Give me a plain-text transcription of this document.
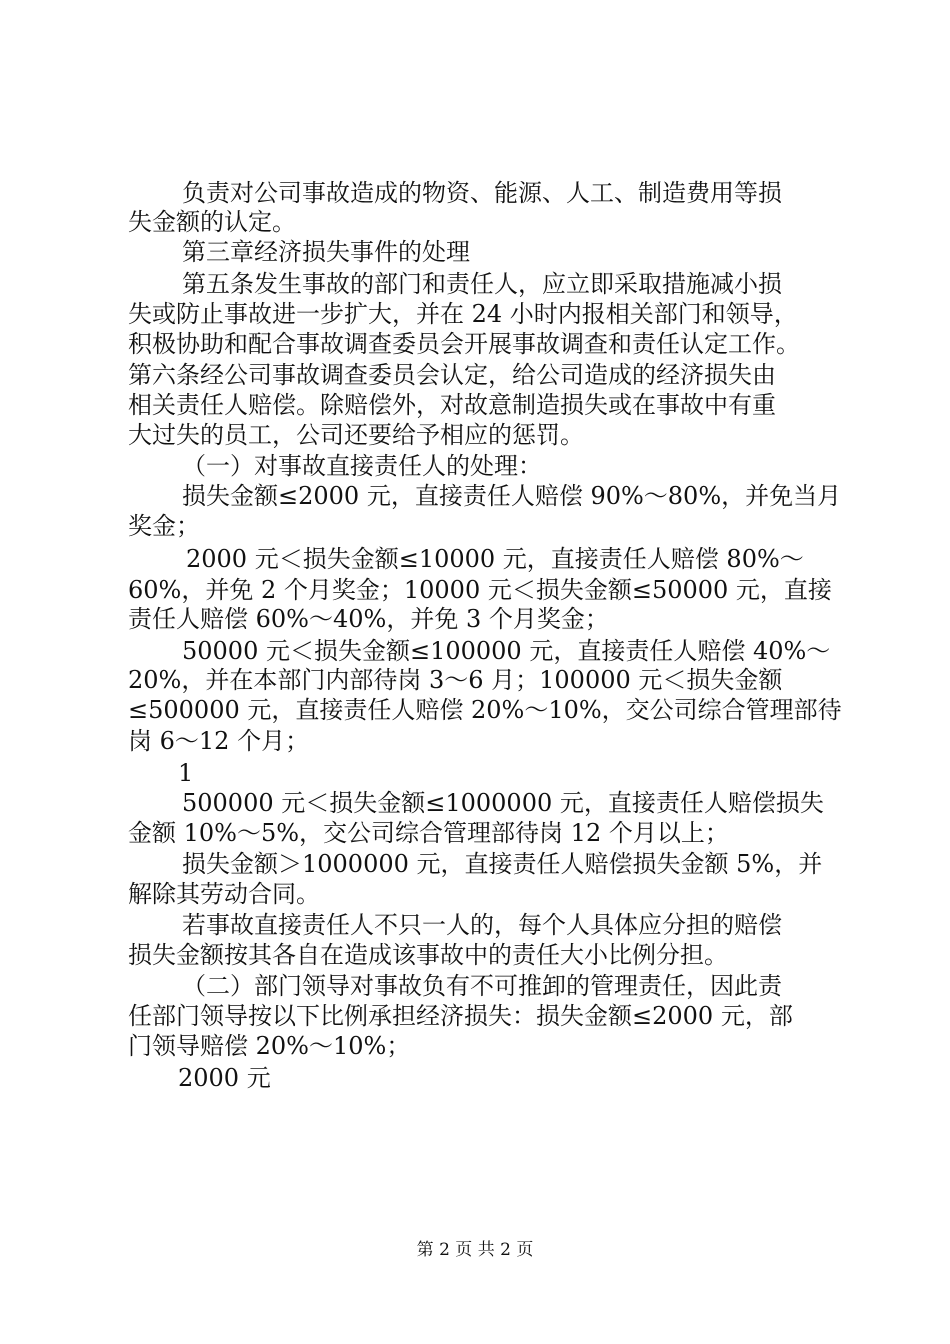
负责对公司事故造成的物资、能源、人工、制造费用等损
失金额的认定。
第三章经济损失事件的处理
第五条发生事故的部门和责任人，应立即采取措施减小损
失或防止事故进一步扩大，并在 24 小时内报相关部门和领导，
积极协助和配合事故调查委员会开展事故调查和责任认定工作。
第六条经公司事故调查委员会认定，给公司造成的经济损失由
相关责任人赔偿。除赔偿外，对故意制造损失或在事故中有重
大过失的员工，公司还要给予相应的惩罚。
（一）对事故直接责任人的处理：
损失金额≤2000 元，直接责任人赔偿 90%～80%，并免当月
奖金；
2000 元＜损失金额≤10000 元，直接责任人赔偿 80%～
60%，并免 2 个月奖金；10000 元＜损失金额≤50000 元，直接
责任人赔偿 60%～40%，并免 3 个月奖金；
50000 元＜损失金额≤100000 元，直接责任人赔偿 40%～
20%，并在本部门内部待岗 3～6 月；100000 元＜损失金额
≤500000 元，直接责任人赔偿 20%～10%，交公司综合管理部待
岗 6～12 个月；
1
500000 元＜损失金额≤1000000 元，直接责任人赔偿损失
金额 10%～5%，交公司综合管理部待岗 12 个月以上；
损失金额＞1000000 元，直接责任人赔偿损失金额 5%，并
解除其劳动合同。
若事故直接责任人不只一人的，每个人具体应分担的赔偿
损失金额按其各自在造成该事故中的责任大小比例分担。
（二）部门领导对事故负有不可推卸的管理责任，因此责
任部门领导按以下比例承担经济损失：损失金额≤2000 元，部
门领导赔偿 20%～10%；
2000 元
第 2 页 共 2 页
